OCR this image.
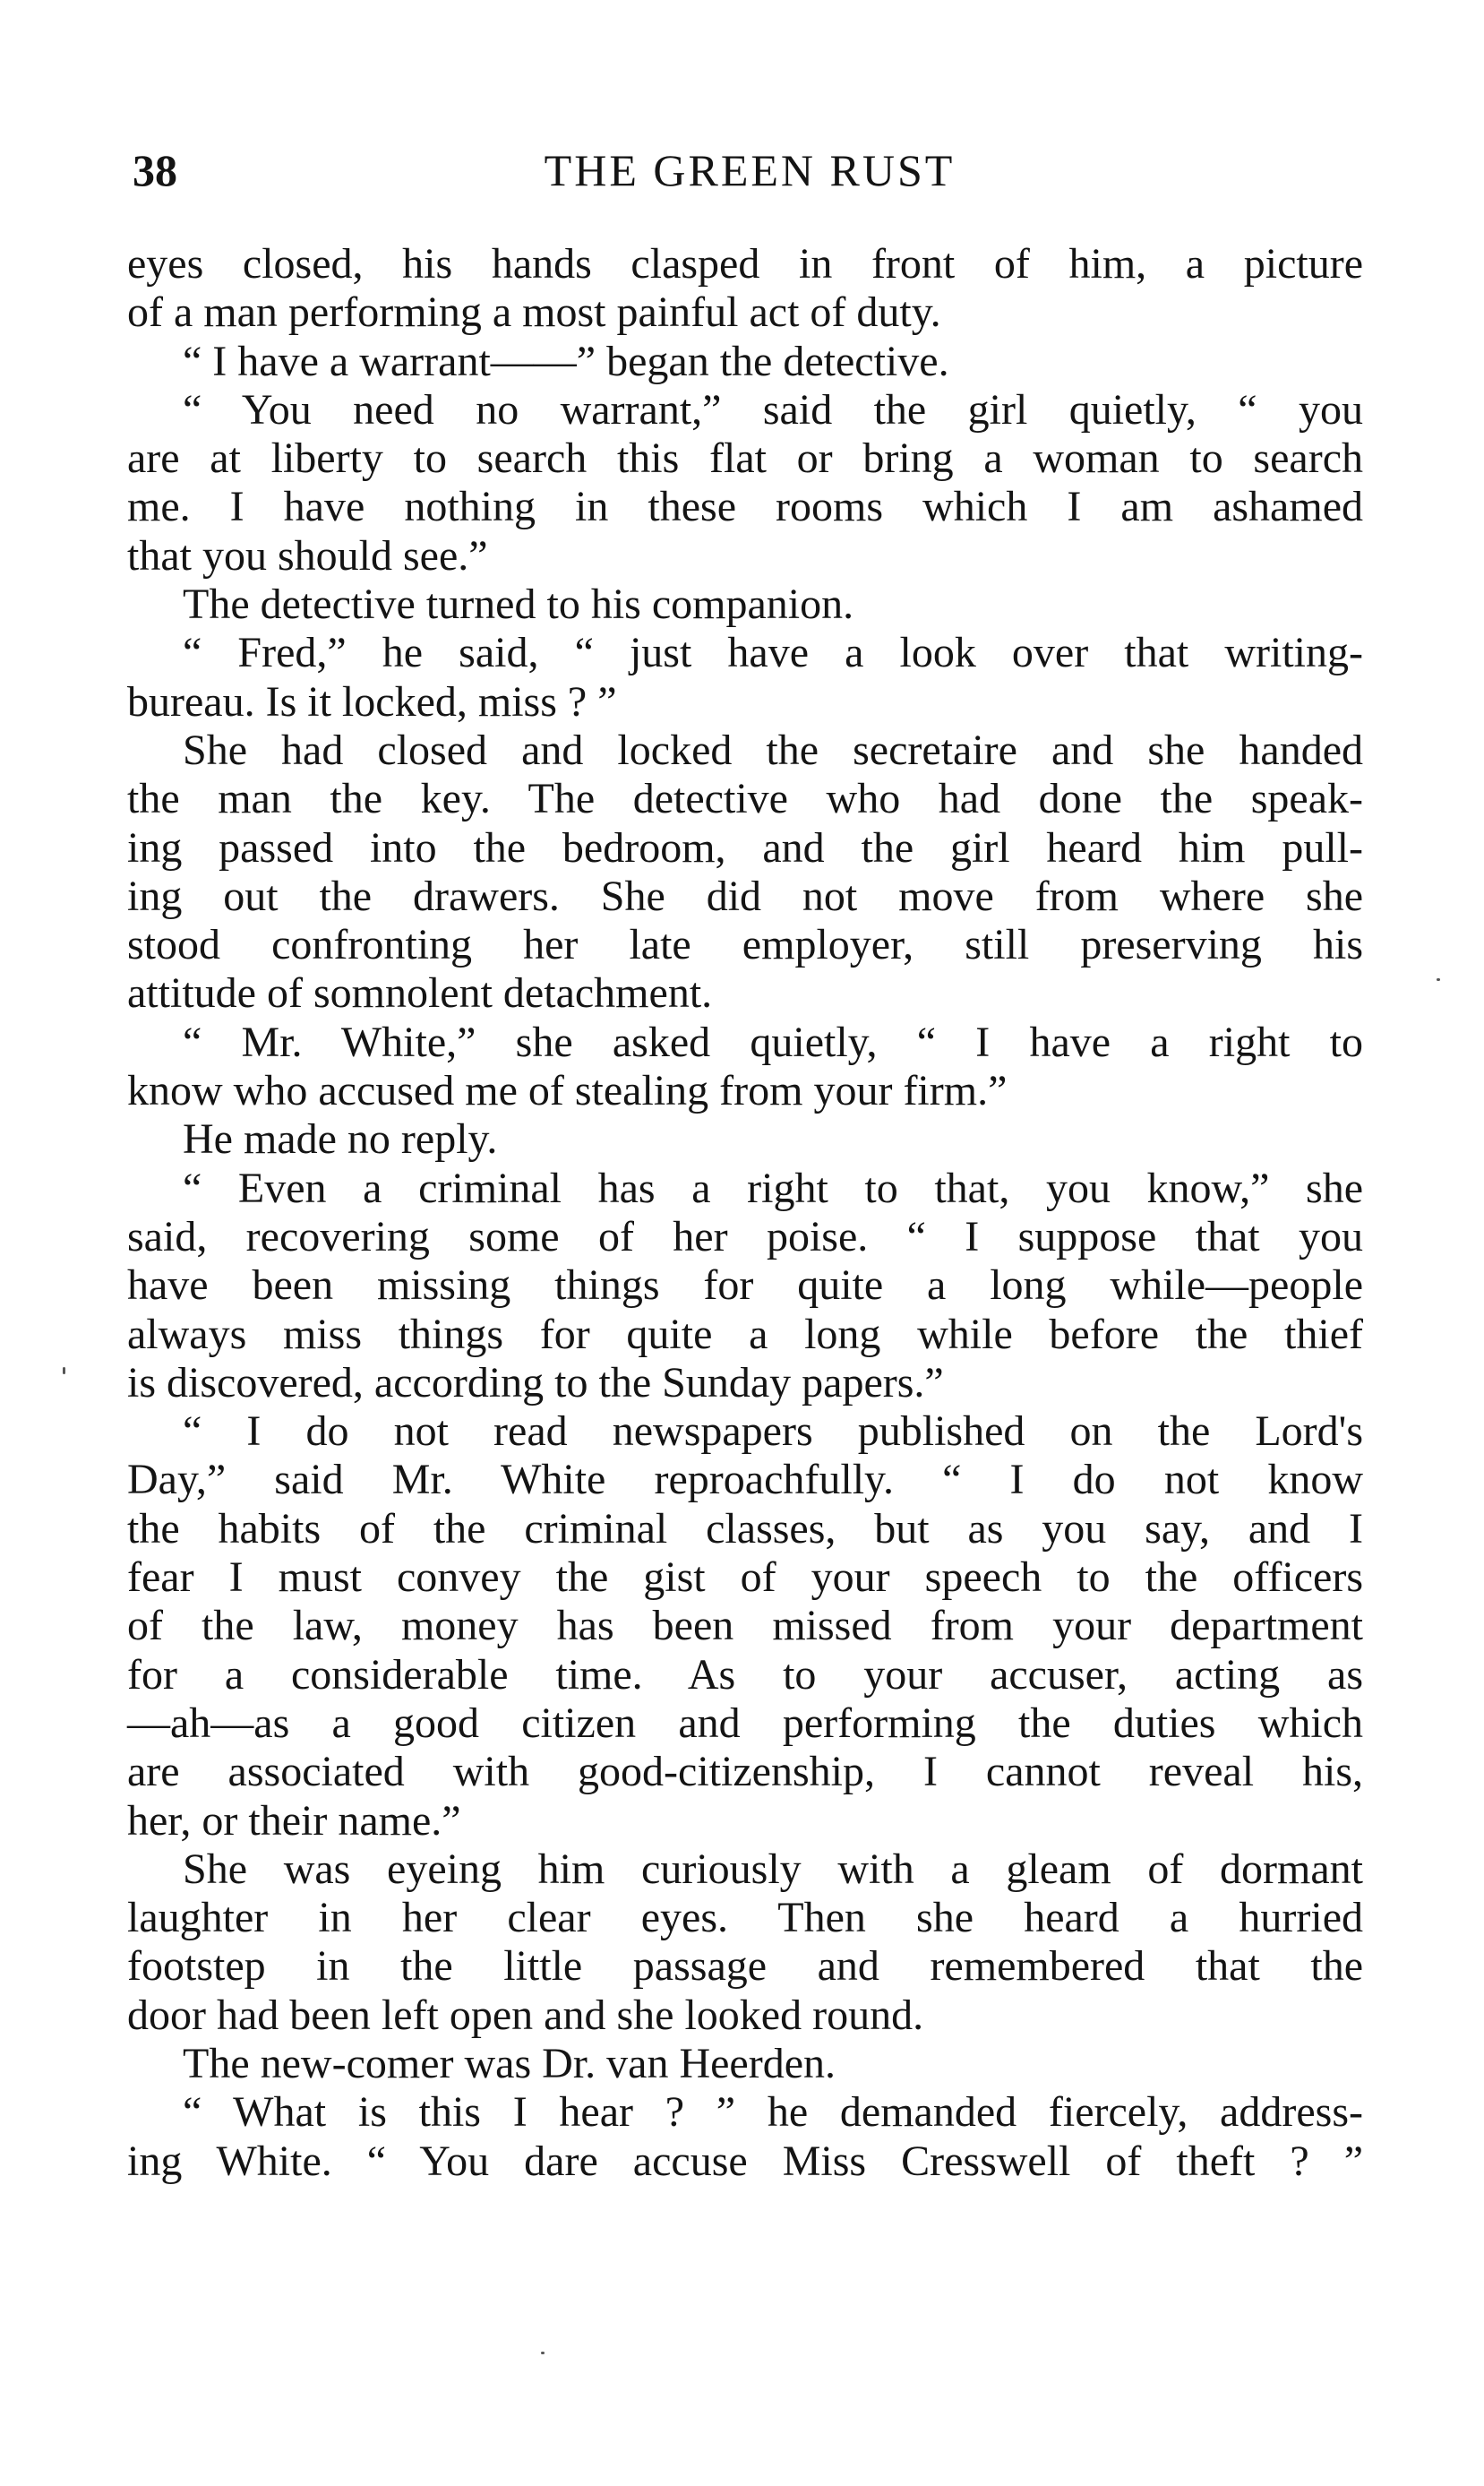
38	THE GREEN RUST
eyes closed, his hands clasped in front of him, a picture
of a man performing a most painful act of duty.
“ I have a warrant——” began the detective.
“ You need no warrant,” said the girl quietly, “ you
are at liberty to search this flat or bring a woman to search
me. I have nothing in these rooms which I am ashamed
that you should see.”
The detective turned to his companion.
“ Fred,” he said, “ just have a look over that writing-
bureau. Is it locked, miss ? ”
She had closed and locked the secretaire and she handed
the man the key. The detective who had done the speak-
ing passed into the bedroom, and the girl heard him pull-
ing out the drawers. She did not move from where she
stood confronting her late employer, still preserving his
attitude of somnolent detachment.
“ Mr. White,” she asked quietly, “ I have a right to
know who accused me of stealing from your firm.”
He made no reply.
“ Even a criminal has a right to that, you know,” she
said, recovering some of her poise. “ I suppose that you
have been missing things for quite a long while—people
always miss things for quite a long while before the thief
is discovered, according to the Sunday papers.”
“ I do not read newspapers published on the Lord's
Day,” said Mr. White reproachfully. “ I do not know
the habits of the criminal classes, but as you say, and I
fear I must convey the gist of your speech to the officers
of the law, money has been missed from your department
for a considerable time. As to your accuser, acting as
—ah—as a good citizen and performing the duties which
are associated with good-citizenship, I cannot reveal his,
her, or their name.”
She was eyeing him curiously with a gleam of dormant
laughter in her clear eyes. Then she heard a hurried
footstep in the little passage and remembered that the
door had been left open and she looked round.
The new-comer was Dr. van Heerden.
“ What is this I hear ? ” he demanded fiercely, address-
ing White. “ You dare accuse Miss Cresswell of theft ? ”
